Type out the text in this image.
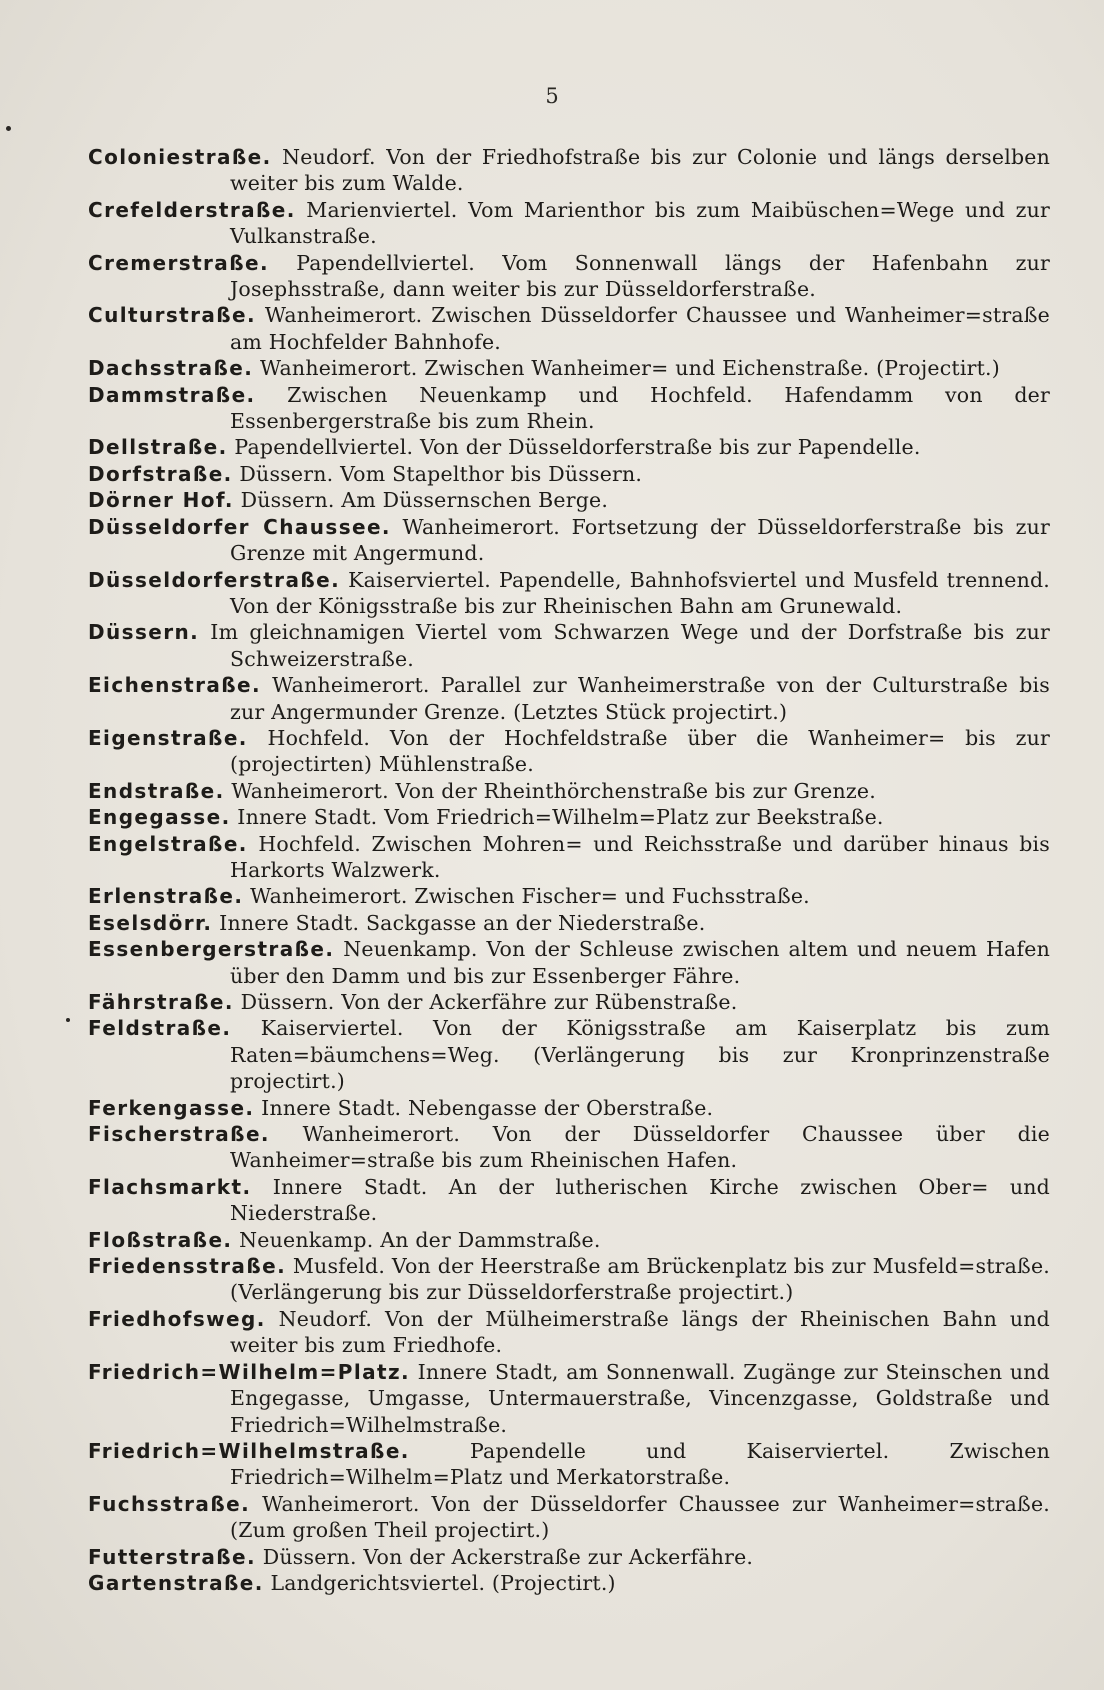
5
Coloniestraße. Neudorf. Von der Friedhofstraße bis zur Colonie und längs derselben weiter bis zum Walde.
Crefelderstraße. Marienviertel. Vom Marienthor bis zum Maibüschen=Wege und zur Vulkanstraße.
Cremerstraße. Papendellviertel. Vom Sonnenwall längs der Hafenbahn zur Josephsstraße, dann weiter bis zur Düsseldorferstraße.
Culturstraße. Wanheimerort. Zwischen Düsseldorfer Chaussee und Wanheimer=straße am Hochfelder Bahnhofe.
Dachsstraße. Wanheimerort. Zwischen Wanheimer= und Eichenstraße. (Projectirt.)
Dammstraße. Zwischen Neuenkamp und Hochfeld. Hafendamm von der Essenbergerstraße bis zum Rhein.
Dellstraße. Papendellviertel. Von der Düsseldorferstraße bis zur Papendelle.
Dorfstraße. Düssern. Vom Stapelthor bis Düssern.
Dörner Hof. Düssern. Am Düssernschen Berge.
Düsseldorfer Chaussee. Wanheimerort. Fortsetzung der Düsseldorferstraße bis zur Grenze mit Angermund.
Düsseldorferstraße. Kaiserviertel. Papendelle, Bahnhofsviertel und Musfeld trennend. Von der Königsstraße bis zur Rheinischen Bahn am Grunewald.
Düssern. Im gleichnamigen Viertel vom Schwarzen Wege und der Dorfstraße bis zur Schweizerstraße.
Eichenstraße. Wanheimerort. Parallel zur Wanheimerstraße von der Culturstraße bis zur Angermunder Grenze. (Letztes Stück projectirt.)
Eigenstraße. Hochfeld. Von der Hochfeldstraße über die Wanheimer= bis zur (projectirten) Mühlenstraße.
Endstraße. Wanheimerort. Von der Rheinthörchenstraße bis zur Grenze.
Engegasse. Innere Stadt. Vom Friedrich=Wilhelm=Platz zur Beekstraße.
Engelstraße. Hochfeld. Zwischen Mohren= und Reichsstraße und darüber hinaus bis Harkorts Walzwerk.
Erlenstraße. Wanheimerort. Zwischen Fischer= und Fuchsstraße.
Eselsdörr. Innere Stadt. Sackgasse an der Niederstraße.
Essenbergerstraße. Neuenkamp. Von der Schleuse zwischen altem und neuem Hafen über den Damm und bis zur Essenberger Fähre.
Fährstraße. Düssern. Von der Ackerfähre zur Rübenstraße.
Feldstraße. Kaiserviertel. Von der Königsstraße am Kaiserplatz bis zum Raten=bäumchens=Weg. (Verlängerung bis zur Kronprinzenstraße projectirt.)
Ferkengasse. Innere Stadt. Nebengasse der Oberstraße.
Fischerstraße. Wanheimerort. Von der Düsseldorfer Chaussee über die Wanheimer=straße bis zum Rheinischen Hafen.
Flachsmarkt. Innere Stadt. An der lutherischen Kirche zwischen Ober= und Niederstraße.
Floßstraße. Neuenkamp. An der Dammstraße.
Friedensstraße. Musfeld. Von der Heerstraße am Brückenplatz bis zur Musfeld=straße. (Verlängerung bis zur Düsseldorferstraße projectirt.)
Friedhofsweg. Neudorf. Von der Mülheimerstraße längs der Rheinischen Bahn und weiter bis zum Friedhofe.
Friedrich=Wilhelm=Platz. Innere Stadt, am Sonnenwall. Zugänge zur Steinschen und Engegasse, Umgasse, Untermauerstraße, Vincenzgasse, Goldstraße und Friedrich=Wilhelmstraße.
Friedrich=Wilhelmstraße.	Papendelle und Kaiserviertel.	Zwischen Friedrich=Wilhelm=Platz und Merkatorstraße.
Fuchsstraße. Wanheimerort. Von der Düsseldorfer Chaussee zur Wanheimer=straße. (Zum großen Theil projectirt.)
Futterstraße. Düssern. Von der Ackerstraße zur Ackerfähre.
Gartenstraße. Landgerichtsviertel. (Projectirt.)
